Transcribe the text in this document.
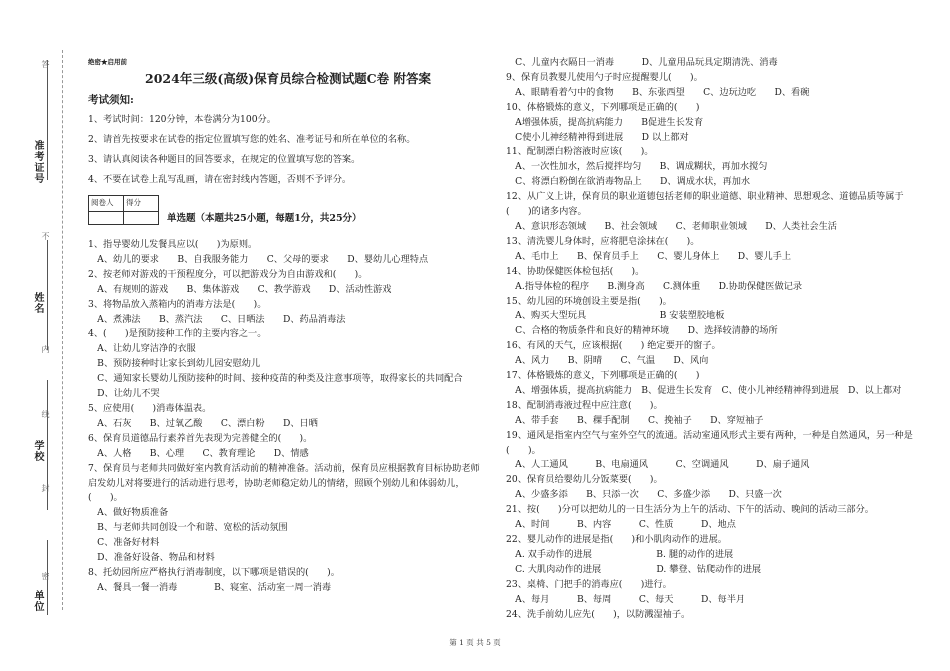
准考证号
姓名
学校
单位
答
不
内
线
封
密
绝密★启用前
2024年三级(高级)保育员综合检测试题C卷 附答案
考试须知:
1、考试时间：120分钟，本卷满分为100分。
2、请首先按要求在试卷的指定位置填写您的姓名、准考证号和所在单位的名称。
3、请认真阅读各种题目的回答要求，在规定的位置填写您的答案。
4、不要在试卷上乱写乱画，请在密封线内答题，否则不予评分。
阅卷人	得分

单选题（本题共25小题，每题1分，共25分）
1、指导婴幼儿发餐具应以(　　)为原则。
　A、幼儿的要求　　B、自我服务能力　　C、父母的要求　　D、婴幼儿心理特点
2、按老师对游戏的干预程度分，可以把游戏分为自由游戏和(　　)。
　A、有规则的游戏　　B、集体游戏　　C、教学游戏　　D、活动性游戏
3、将物品放入蒸箱内的消毒方法是(　　)。
　A、煮沸法　　B、蒸汽法　　C、日晒法　　D、药品消毒法
4、(　　)是预防接种工作的主要内容之一。
　A、让幼儿穿洁净的衣服
　B、预防接种时让家长到幼儿园安慰幼儿
　C、通知家长婴幼儿预防接种的时间、接种疫苗的种类及注意事项等，取得家长的共同配合
　D、让幼儿不哭
5、应使用(　　)消毒体温表。
　A、石灰　　B、过氧乙酸　　C、漂白粉　　D、日晒
6、保育员道德品行素养首先表现为完善健全的(　　)。
　A、人格　　B、心理　　C、教育理论　　D、情感
7、保育员与老师共同做好室内教育活动前的精神准备。活动前，保育员应根据教育目标协助老师启发幼儿对将要进行的活动进行思考，协助老师稳定幼儿的情绪，照顾个别幼儿和体弱幼儿，(　　)。
　A、做好物质准备
　B、与老师共同创设一个和谐、宽松的活动氛围
　C、准备好材料
　D、准备好设备、物品和材料
8、托幼园所应严格执行消毒制度，以下哪项是错误的(　　)。
　A、餐具一餐一消毒　　　　B、寝室、活动室一周一消毒
　C、儿童内衣隔日一消毒　　　D、儿童用品玩具定期清洗、消毒
9、保育员教婴儿使用勺子时应提醒婴儿(　　)。
　A、眼睛看着勺中的食物　　B、东张西望　　C、边玩边吃　　D、看碗
10、体格锻炼的意义，下列哪项是正确的(　　)
　A增强体质，提高抗病能力　　B促进生长发育
　C使小儿神经精神得到进展　　D 以上都对
11、配制漂白粉溶液时应该(　　)。
　A、一次性加水，然后搅拌均匀　　B、调成糊状，再加水搅匀
　C、将漂白粉倒在欲消毒物品上　　D、调成水状，再加水
12、从广义上讲，保育员的职业道德包括老师的职业道德、职业精神、思想观念、道德品质等属于(　　)的诸多内容。
　A、意识形态领域　　B、社会领域　　C、老师职业领域　　D、人类社会生活
13、清洗婴儿身体时，应将肥皂涂抹在(　　)。
　A、毛巾上　　B、保育员手上　　C、婴儿身体上　　D、婴儿手上
14、协助保健医体检包括(　　)。
　A.指导体检的程序　　B.测身高　　C.测体重　　D.协助保健医做记录
15、幼儿园的环境创设主要是指(　　)。
　A、购买大型玩具　　　　　　　　B 安装塑胶地板
　C、合格的物质条件和良好的精神环境　　D、选择较清静的场所
16、有风的天气，应该根据(　　) 绝定要开的窗子。
　A、风力　　B、阴晴　　C、气温　　D、风向
17、体格锻炼的意义，下列哪项是正确的(　　)
　A、增强体质，提高抗病能力　B、促进生长发育　C、使小儿神经精神得到进展　D、以上都对
18、配制消毒液过程中应注意(　　)。
　A、带手套　　B、稞手配制　　C、挽袖子　　D、穿短袖子
19、通风是指室内空气与室外空气的流通。活动室通风形式主要有两种，一种是自然通风，另一种是(　　)。
　A、人工通风　　　B、电扇通风　　　C、空调通风　　　D、扇子通风
20、保育员给婴幼儿分饭菜要(　　)。
　A、少盛多添　　B、只添一次　　C、多盛少添　　D、只盛一次
21、按(　　)分可以把幼儿的一日生活分为上午的活动、下午的活动、晚间的活动三部分。
　A、时间　　　B、内容　　　C、性质　　　D、地点
22、婴儿动作的进展是指(　　)和小肌肉动作的进展。
　A. 双手动作的进展　　　　　　　B. 腿的动作的进展
　C. 大肌肉动作的进展　　　　　　D. 攀登、钻爬动作的进展
23、桌椅、门把手的消毒应(　　)进行。
　A、每月　　　B、每周　　　C、每天　　　D、每半月
24、洗手前幼儿应先(　　)，以防溅湿袖子。
第 1 页 共 5 页
